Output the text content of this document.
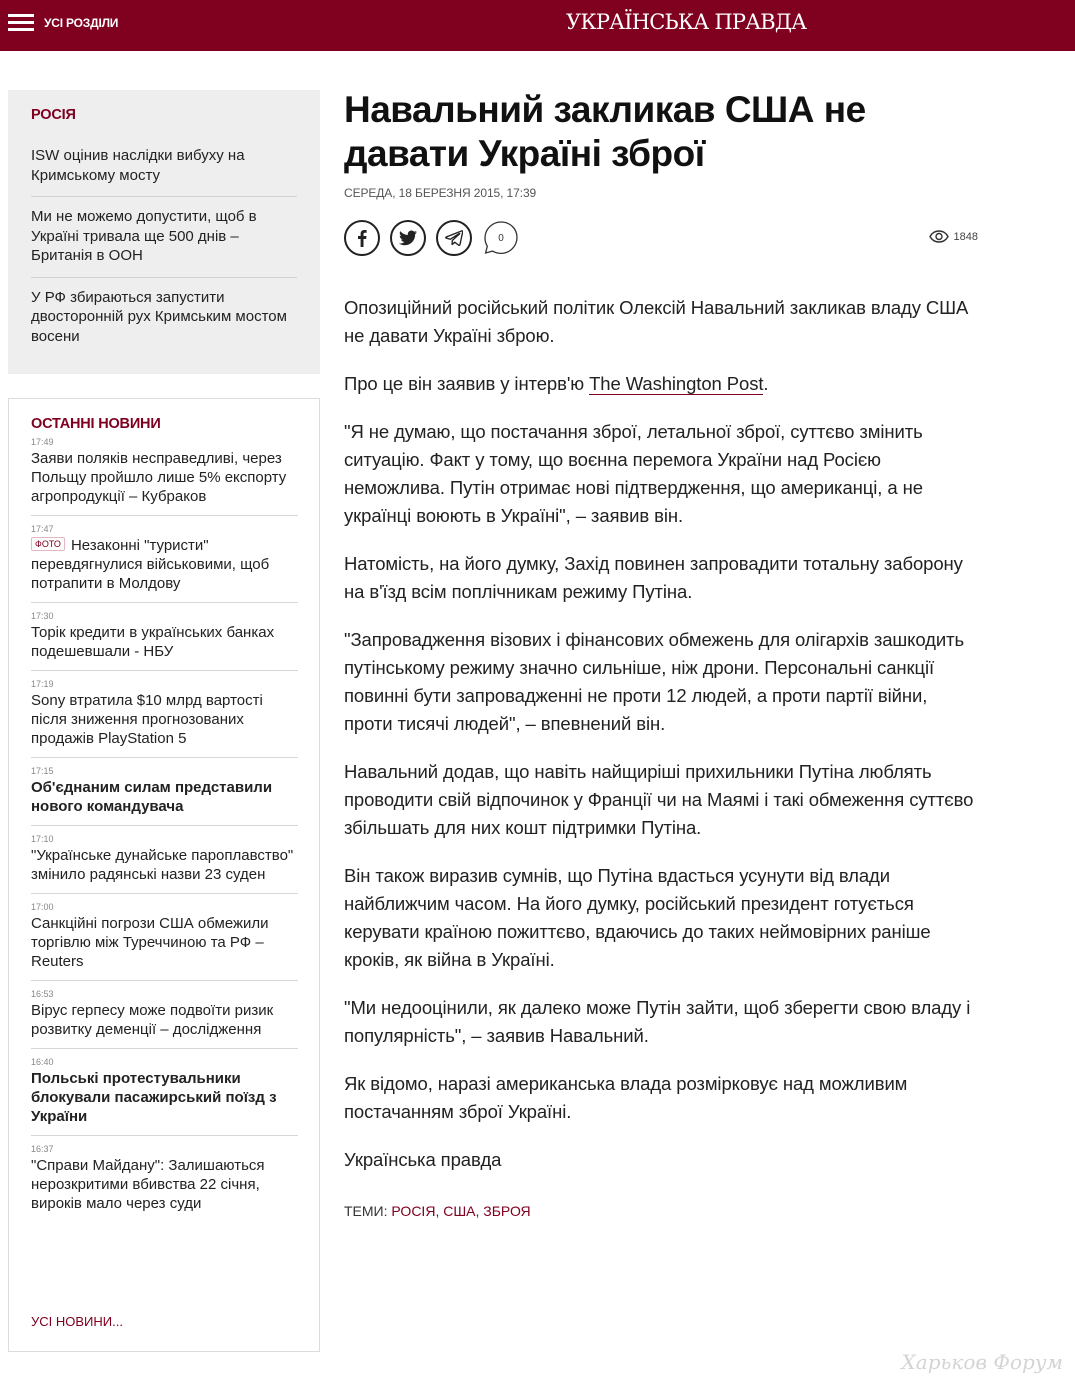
УСІ РОЗДІЛИ	УКРАЇНСЬКА ПРАВДА
РОСІЯ
ISW оцінив наслідки вибуху на Кримському мосту
Ми не можемо допустити, щоб в Україні тривала ще 500 днів – Британія в ООН
У РФ збираються запустити двосторонній рух Кримським мостом восени
ОСТАННІ НОВИНИ
17:49
Заяви поляків несправедливі, через Польщу пройшло лише 5% експорту агропродукції – Кубраков
17:47
ФОТО Незаконні "туристи" перевдягнулися військовими, щоб потрапити в Молдову
17:30
Торік кредити в українських банках подешевшали - НБУ
17:19
Sony втратила $10 млрд вартості після зниження прогнозованих продажів PlayStation 5
17:15
Об'єднаним силам представили нового командувача
17:10
"Українське дунайське пароплавство" змінило радянські назви 23 суден
17:00
Санкційні погрози США обмежили торгівлю між Туреччиною та РФ – Reuters
16:53
Вірус герпесу може подвоїти ризик розвитку деменції – дослідження
16:40
Польські протестувальники блокували пасажирський поїзд з України
16:37
"Справи Майдану": Залишаються нерозкритими вбивства 22 січня, вироків мало через суди
УСІ НОВИНИ...
Навальний закликав США не давати Україні зброї
СЕРЕДА, 18 БЕРЕЗНЯ 2015, 17:39
0	1848

Опозиційний російський політик Олексій Навальний закликав владу США не давати Україні зброю.

Про це він заявив у інтерв'ю The Washington Post.

"Я не думаю, що постачання зброї, летальної зброї, суттєво змінить ситуацію. Факт у тому, що воєнна перемога України над Росією неможлива. Путін отримає нові підтвердження, що американці, а не українці воюють в Україні", – заявив він.

Натомість, на його думку, Захід повинен запровадити тотальну заборону на в'їзд всім поплічникам режиму Путіна.

"Запровадження візових і фінансових обмежень для олігархів зашкодить путінському режиму значно сильніше, ніж дрони. Персональні санкції повинні бути запровадженні не проти 12 людей, а проти партії війни, проти тисячі людей", – впевнений він.

Навальний додав, що навіть найщиріші прихильники Путіна люблять проводити свій відпочинок у Франції чи на Маямі і такі обмеження суттєво збільшать для них кошт підтримки Путіна.

Він також виразив сумнів, що Путіна вдасться усунути від влади найближчим часом. На його думку, російський президент готується керувати країною пожиттєво, вдаючись до таких неймовірних раніше кроків, як війна в Україні.

"Ми недооцінили, як далеко може Путін зайти, щоб зберегти свою владу і популярність", – заявив Навальний.

Як відомо, наразі американська влада розмірковує над можливим постачанням зброї Україні.

Українська правда

ТЕМИ: РОСІЯ, США, ЗБРОЯ
Харьков Форум
